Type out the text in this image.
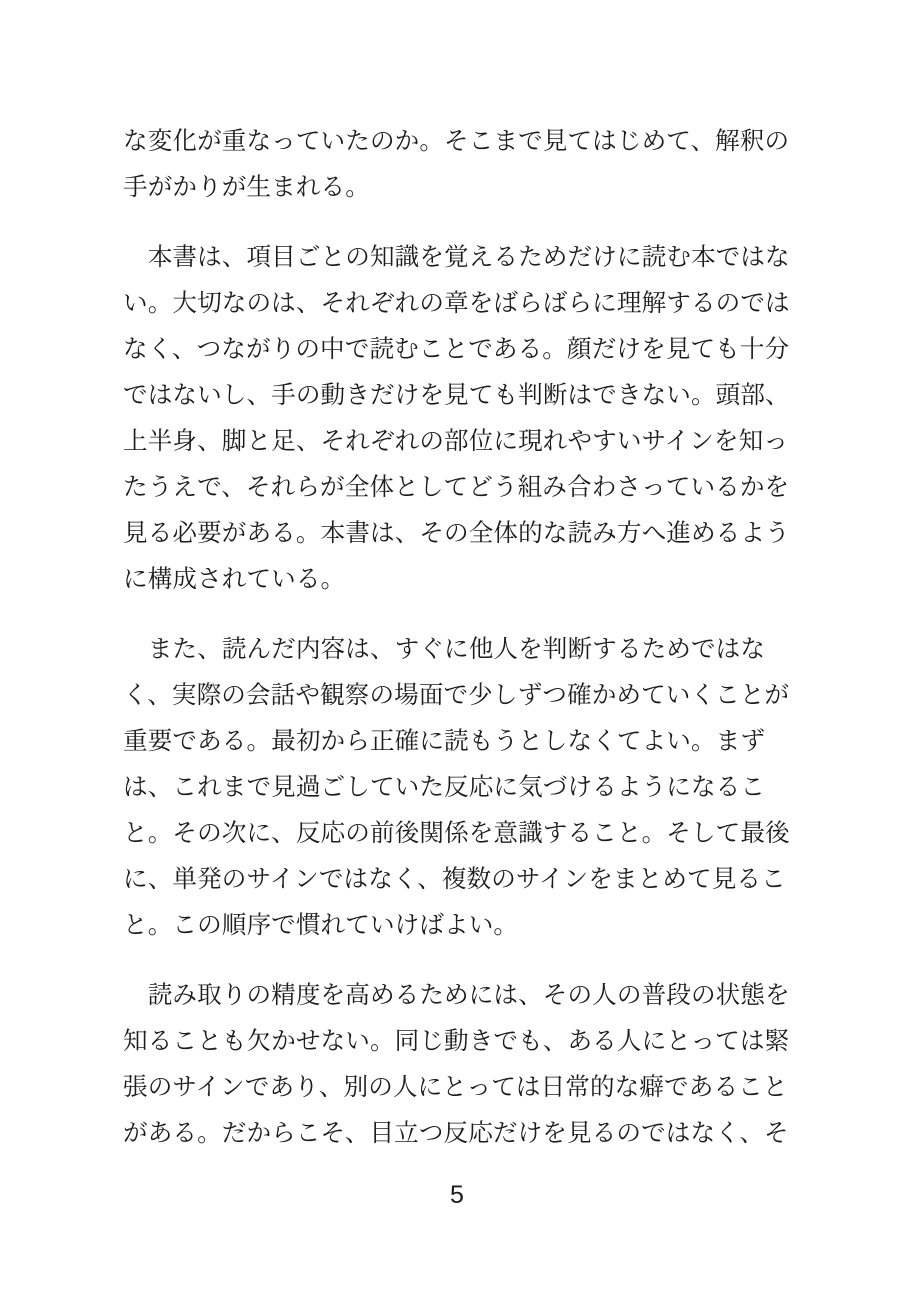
な変化が重なっていたのか。そこまで見てはじめて、解釈の
手がかりが生まれる。

　本書は、項目ごとの知識を覚えるためだけに読む本ではな
い。大切なのは、それぞれの章をばらばらに理解するのでは
なく、つながりの中で読むことである。顔だけを見ても十分
ではないし、手の動きだけを見ても判断はできない。頭部、
上半身、脚と足、それぞれの部位に現れやすいサインを知っ
たうえで、それらが全体としてどう組み合わさっているかを
見る必要がある。本書は、その全体的な読み方へ進めるよう
に構成されている。

　また、読んだ内容は、すぐに他人を判断するためではな
く、実際の会話や観察の場面で少しずつ確かめていくことが
重要である。最初から正確に読もうとしなくてよい。まず
は、これまで見過ごしていた反応に気づけるようになるこ
と。その次に、反応の前後関係を意識すること。そして最後
に、単発のサインではなく、複数のサインをまとめて見るこ
と。この順序で慣れていけばよい。

　読み取りの精度を高めるためには、その人の普段の状態を
知ることも欠かせない。同じ動きでも、ある人にとっては緊
張のサインであり、別の人にとっては日常的な癖であること
がある。だからこそ、目立つ反応だけを見るのではなく、そ

5
